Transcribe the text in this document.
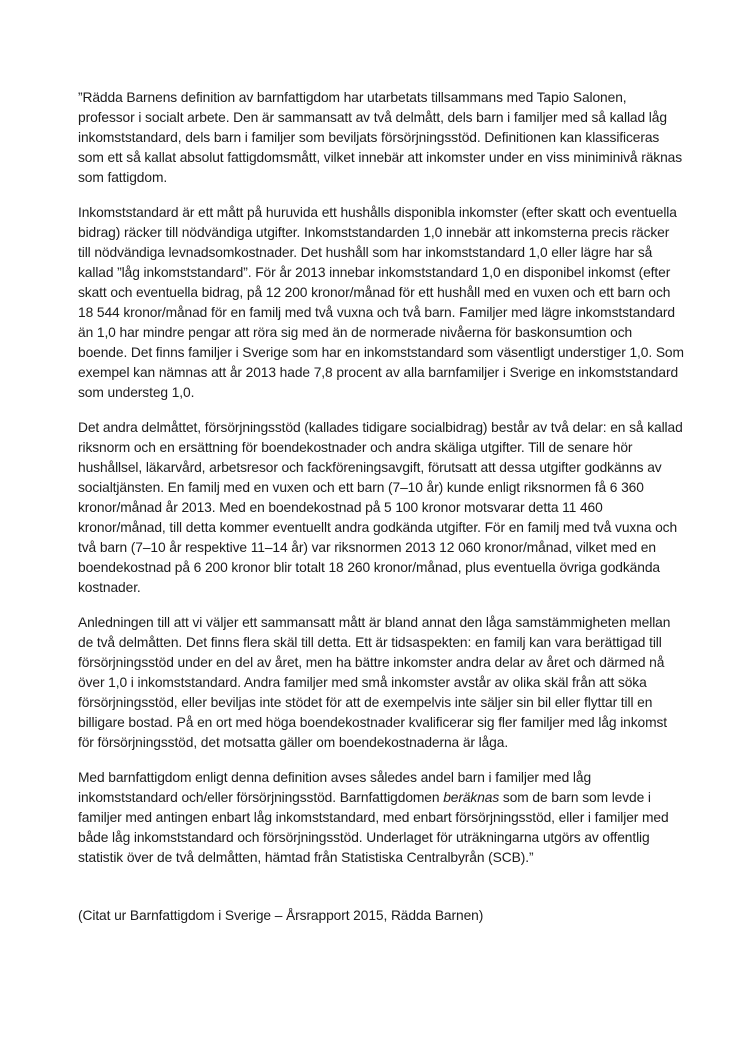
”Rädda Barnens definition av barnfattigdom har utarbetats tillsammans med Tapio Salonen, professor i socialt arbete. Den är sammansatt av två delmått, dels barn i familjer med så kallad låg inkomststandard, dels barn i familjer som beviljats försörjningsstöd. Definitionen kan klassificeras som ett så kallat absolut fattigdomsmått, vilket innebär att inkomster under en viss miniminivå räknas som fattigdom.

Inkomststandard är ett mått på huruvida ett hushålls disponibla inkomster (efter skatt och eventuella bidrag) räcker till nödvändiga utgifter. Inkomststandarden 1,0 innebär att inkomsterna precis räcker till nödvändiga levnadsomkostnader. Det hushåll som har inkomststandard 1,0 eller lägre har så kallad ”låg inkomststandard”. För år 2013 innebar inkomststandard 1,0 en disponibel inkomst (efter skatt och eventuella bidrag, på 12 200 kronor/månad för ett hushåll med en vuxen och ett barn och 18 544 kronor/månad för en familj med två vuxna och två barn. Familjer med lägre inkomststandard än 1,0 har mindre pengar att röra sig med än de normerade nivåerna för baskonsumtion och boende. Det finns familjer i Sverige som har en inkomststandard som väsentligt understiger 1,0. Som exempel kan nämnas att år 2013 hade 7,8 procent av alla barnfamiljer i Sverige en inkomststandard som understeg 1,0.

Det andra delmåttet, försörjningsstöd (kallades tidigare socialbidrag) består av två delar: en så kallad riksnorm och en ersättning för boendekostnader och andra skäliga utgifter. Till de senare hör hushållsel, läkarvård, arbetsresor och fackföreningsavgift, förutsatt att dessa utgifter godkänns av socialtjänsten. En familj med en vuxen och ett barn (7–10 år) kunde enligt riksnormen få 6 360 kronor/månad år 2013. Med en boendekostnad på 5 100 kronor motsvarar detta 11 460 kronor/månad, till detta kommer eventuellt andra godkända utgifter. För en familj med två vuxna och två barn (7–10 år respektive 11–14 år) var riksnormen 2013 12 060 kronor/månad, vilket med en boendekostnad på 6 200 kronor blir totalt 18 260 kronor/månad, plus eventuella övriga godkända kostnader.

Anledningen till att vi väljer ett sammansatt mått är bland annat den låga samstämmigheten mellan de två delmåtten. Det finns flera skäl till detta. Ett är tidsaspekten: en familj kan vara berättigad till försörjningsstöd under en del av året, men ha bättre inkomster andra delar av året och därmed nå över 1,0 i inkomststandard. Andra familjer med små inkomster avstår av olika skäl från att söka försörjningsstöd, eller beviljas inte stödet för att de exempelvis inte säljer sin bil eller flyttar till en billigare bostad. På en ort med höga boendekostnader kvalificerar sig fler familjer med låg inkomst för försörjningsstöd, det motsatta gäller om boendekostnaderna är låga.

Med barnfattigdom enligt denna definition avses således andel barn i familjer med låg inkomststandard och/eller försörjningsstöd. Barnfattigdomen beräknas som de barn som levde i familjer med antingen enbart låg inkomststandard, med enbart försörjningsstöd, eller i familjer med både låg inkomststandard och försörjningsstöd. Underlaget för uträkningarna utgörs av offentlig statistik över de två delmåtten, hämtad från Statistiska Centralbyrån (SCB).”

(Citat ur Barnfattigdom i Sverige – Årsrapport 2015, Rädda Barnen)
